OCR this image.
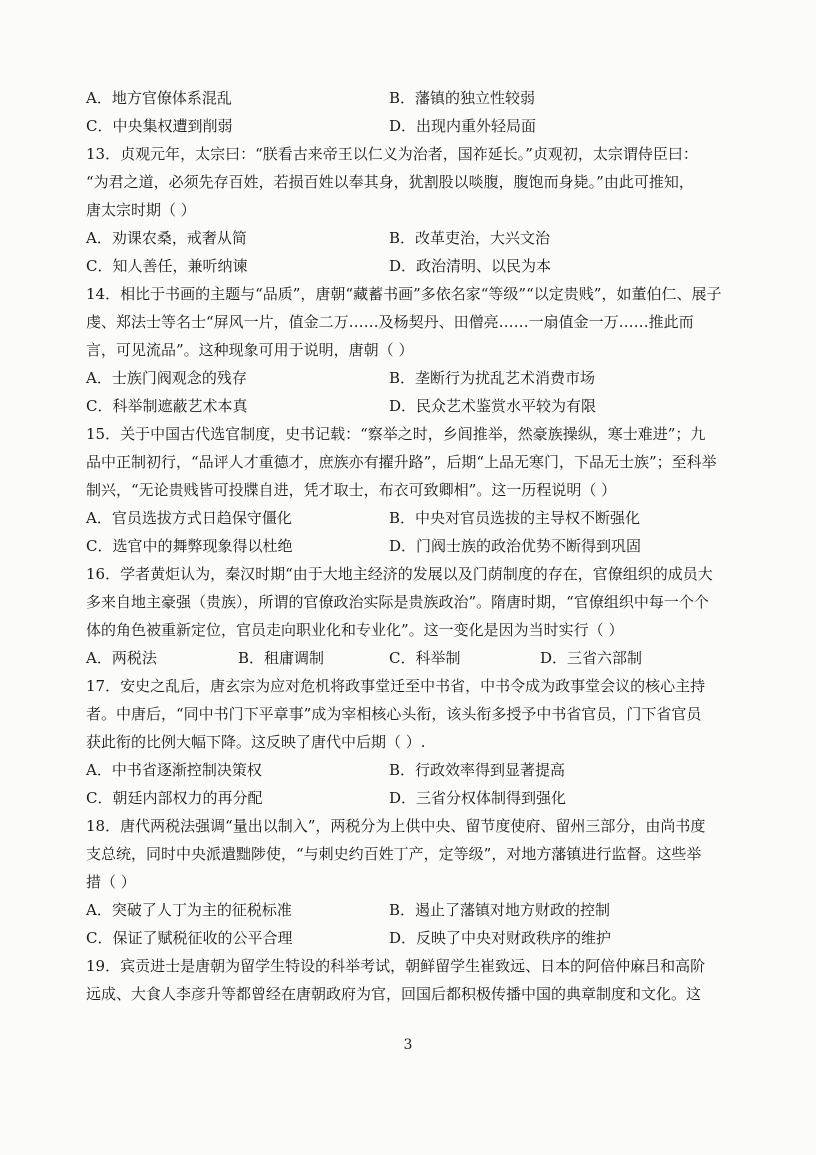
A．地方官僚体系混乱	B．藩镇的独立性较弱
C．中央集权遭到削弱	D．出现内重外轻局面
13．贞观元年，太宗曰：“朕看古来帝王以仁义为治者，国祚延长。”贞观初，太宗谓侍臣曰：
“为君之道，必须先存百姓，若损百姓以奉其身，犹割股以啖腹，腹饱而身毙。”由此可推知，
唐太宗时期（ ）
A．劝课农桑，戒奢从简	B．改革吏治，大兴文治
C．知人善任，兼听纳谏	D．政治清明、以民为本
14．相比于书画的主题与“品质”，唐朝“藏蓄书画”多依名家“等级”“以定贵贱”，如董伯仁、展子
虔、郑法士等名士“屏风一片，值金二万……及杨契丹、田僧亮……一扇值金一万……推此而
言，可见流品”。这种现象可用于说明，唐朝（ ）
A．士族门阀观念的残存	B．垄断行为扰乱艺术消费市场
C．科举制遮蔽艺术本真	D．民众艺术鉴赏水平较为有限
15．关于中国古代选官制度，史书记载：“察举之时，乡闾推举，然豪族操纵，寒士难进”；九
品中正制初行，“品评人才重德才，庶族亦有擢升路”，后期“上品无寒门，下品无士族”；至科举
制兴，“无论贵贱皆可投牒自进，凭才取士，布衣可致卿相”。这一历程说明（ ）
A．官员选拔方式日趋保守僵化	B．中央对官员选拔的主导权不断强化
C．选官中的舞弊现象得以杜绝	D．门阀士族的政治优势不断得到巩固
16．学者黄炬认为，秦汉时期“由于大地主经济的发展以及门荫制度的存在，官僚组织的成员大
多来自地主豪强（贵族），所谓的官僚政治实际是贵族政治”。隋唐时期，“官僚组织中每一个个
体的角色被重新定位，官员走向职业化和专业化”。这一变化是因为当时实行（ ）
A．两税法	B．租庸调制	C．科举制	D．三省六部制
17．安史之乱后，唐玄宗为应对危机将政事堂迁至中书省，中书令成为政事堂会议的核心主持
者。中唐后，“同中书门下平章事”成为宰相核心头衔，该头衔多授予中书省官员，门下省官员
获此衔的比例大幅下降。这反映了唐代中后期（ ）.
A．中书省逐渐控制决策权	B．行政效率得到显著提高
C．朝廷内部权力的再分配	D．三省分权体制得到强化
18．唐代两税法强调“量出以制入”，两税分为上供中央、留节度使府、留州三部分，由尚书度
支总统，同时中央派遣黜陟使，“与刺史约百姓丁产，定等级”，对地方藩镇进行监督。这些举
措（ ）
A．突破了人丁为主的征税标准	B．遏止了藩镇对地方财政的控制
C．保证了赋税征收的公平合理	D．反映了中央对财政秩序的维护
19．宾贡进士是唐朝为留学生特设的科举考试，朝鲜留学生崔致远、日本的阿倍仲麻吕和高阶
远成、大食人李彦升等都曾经在唐朝政府为官，回国后都积极传播中国的典章制度和文化。这
3
